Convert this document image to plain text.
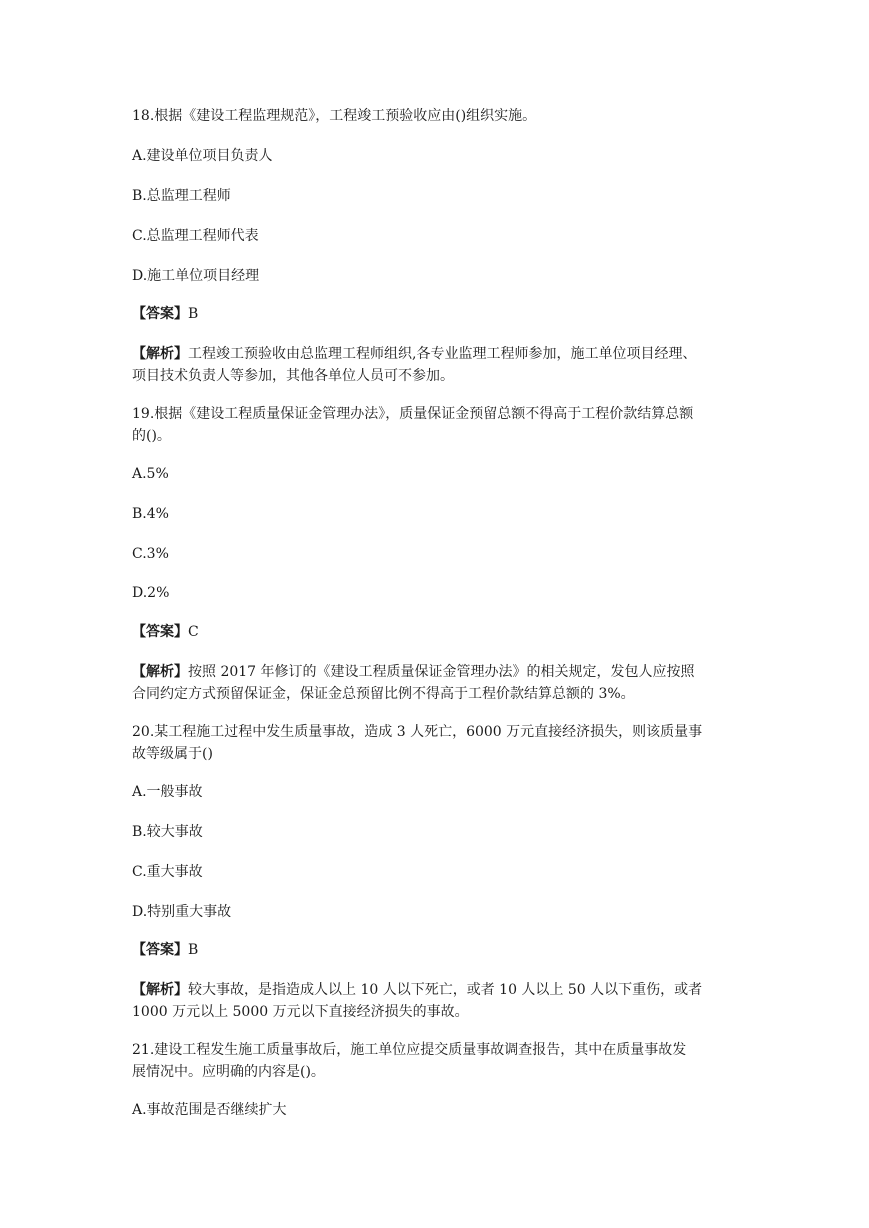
18.根据《建设工程监理规范》，工程竣工预验收应由()组织实施。
A.建设单位项目负责人
B.总监理工程师
C.总监理工程师代表
D.施工单位项目经理
【答案】B
【解析】工程竣工预验收由总监理工程师组织,各专业监理工程师参加，施工单位项目经理、
项目技术负责人等参加，其他各单位人员可不参加。
19.根据《建设工程质量保证金管理办法》，质量保证金预留总额不得高于工程价款结算总额
的()。
A.5%
B.4%
C.3%
D.2%
【答案】C
【解析】按照 2017 年修订的《建设工程质量保证金管理办法》的相关规定，发包人应按照
合同约定方式预留保证金，保证金总预留比例不得高于工程价款结算总额的 3%。
20.某工程施工过程中发生质量事故，造成 3 人死亡，6000 万元直接经济损失，则该质量事
故等级属于()
A.一般事故
B.较大事故
C.重大事故
D.特别重大事故
【答案】B
【解析】较大事故，是指造成人以上 10 人以下死亡，或者 10 人以上 50 人以下重伤，或者
1000 万元以上 5000 万元以下直接经济损失的事故。
21.建设工程发生施工质量事故后，施工单位应提交质量事故调查报告，其中在质量事故发
展情况中。应明确的内容是()。
A.事故范围是否继续扩大
